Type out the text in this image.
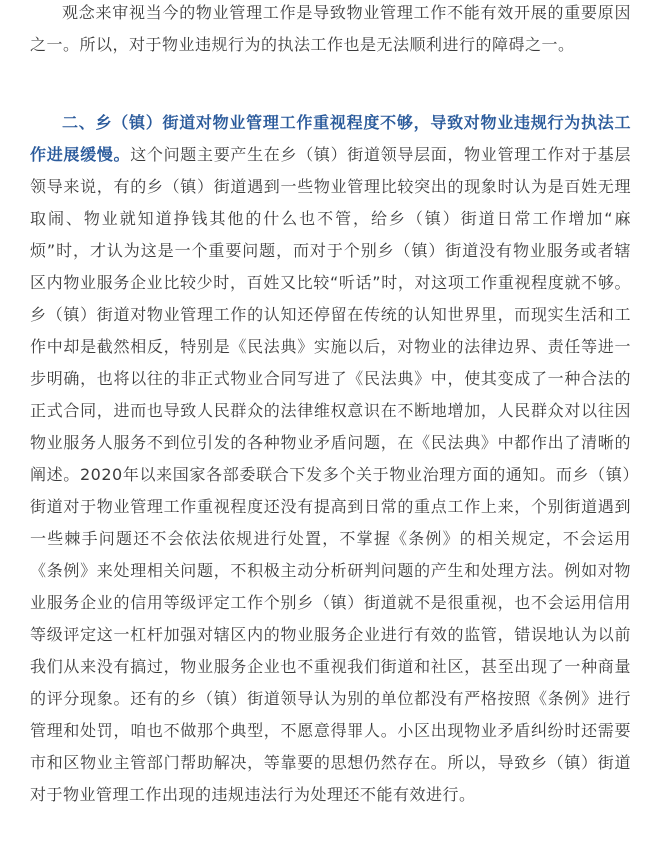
观念来审视当今的物业管理工作是导致物业管理工作不能有效开展的重要原因之一。所以，对于物业违规行为的执法工作也是无法顺利进行的障碍之一。

二、乡（镇）街道对物业管理工作重视程度不够，导致对物业违规行为执法工作进展缓慢。这个问题主要产生在乡（镇）街道领导层面，物业管理工作对于基层领导来说，有的乡（镇）街道遇到一些物业管理比较突出的现象时认为是百姓无理取闹、物业就知道挣钱其他的什么也不管，给乡（镇）街道日常工作增加“麻烦”时，才认为这是一个重要问题，而对于个别乡（镇）街道没有物业服务或者辖区内物业服务企业比较少时，百姓又比较“听话”时，对这项工作重视程度就不够。乡（镇）街道对物业管理工作的认知还停留在传统的认知世界里，而现实生活和工作中却是截然相反，特别是《民法典》实施以后，对物业的法律边界、责任等进一步明确，也将以往的非正式物业合同写进了《民法典》中，使其变成了一种合法的正式合同，进而也导致人民群众的法律维权意识在不断地增加，人民群众对以往因物业服务人服务不到位引发的各种物业矛盾问题，在《民法典》中都作出了清晰的阐述。2020年以来国家各部委联合下发多个关于物业治理方面的通知。而乡（镇）街道对于物业管理工作重视程度还没有提高到日常的重点工作上来，个别街道遇到一些棘手问题还不会依法依规进行处置，不掌握《条例》的相关规定，不会运用《条例》来处理相关问题，不积极主动分析研判问题的产生和处理方法。例如对物业服务企业的信用等级评定工作个别乡（镇）街道就不是很重视，也不会运用信用等级评定这一杠杆加强对辖区内的物业服务企业进行有效的监管，错误地认为以前我们从来没有搞过，物业服务企业也不重视我们街道和社区，甚至出现了一种商量的评分现象。还有的乡（镇）街道领导认为别的单位都没有严格按照《条例》进行管理和处罚，咱也不做那个典型，不愿意得罪人。小区出现物业矛盾纠纷时还需要市和区物业主管部门帮助解决，等靠要的思想仍然存在。所以，导致乡（镇）街道对于物业管理工作出现的违规违法行为处理还不能有效进行。
